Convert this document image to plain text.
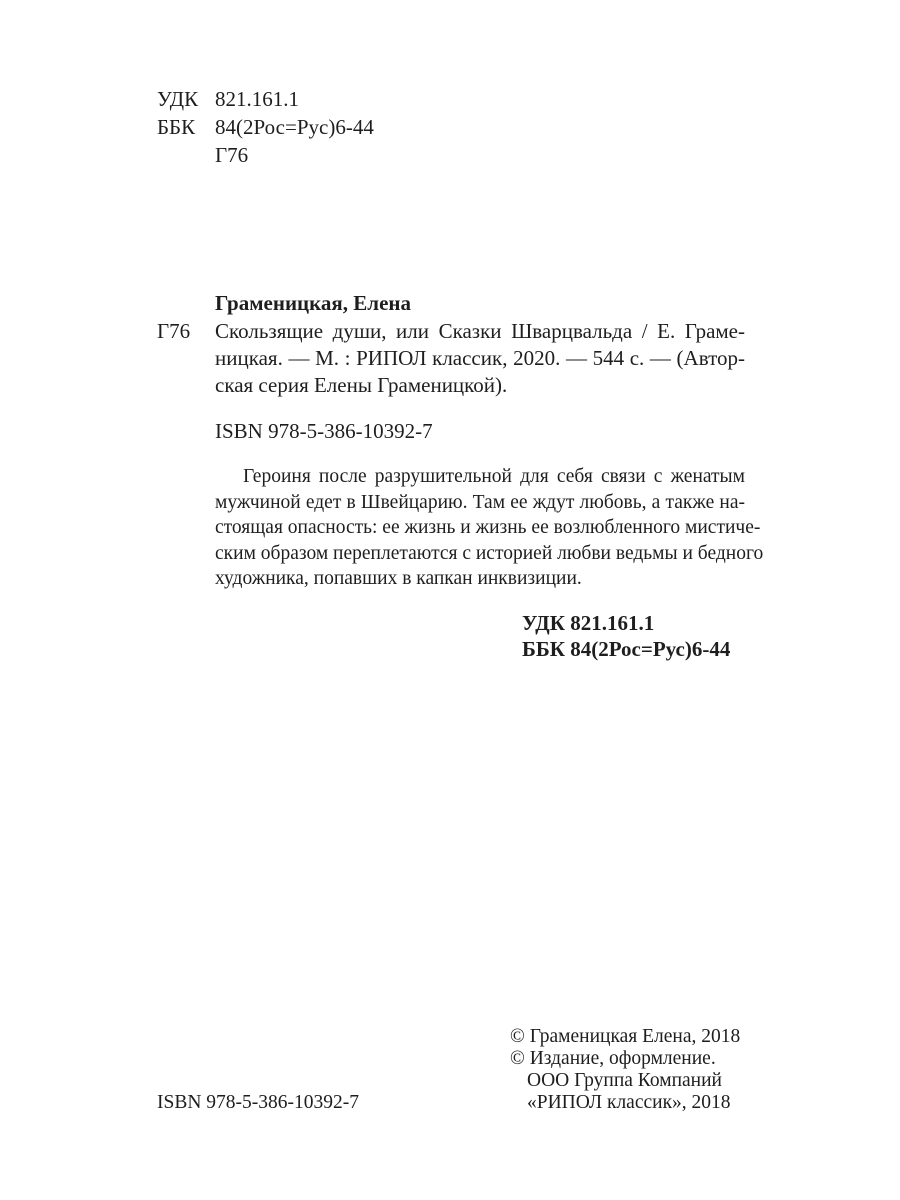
УДК 821.161.1
ББК 84(2Рос=Рус)6-44
Г76
Граменицкая, Елена
Г76 Скользящие души, или Сказки Шварцвальда / Е. Грамe-
ницкая. — М. : РИПОЛ классик, 2020. — 544 с. — (Автор-
ская серия Елены Граменицкой).
ISBN 978-5-386-10392-7
Героиня после разрушительной для себя связи с женатым
мужчиной едет в Швейцарию. Там ее ждут любовь, а также на-
стоящая опасность: ее жизнь и жизнь ее возлюбленного мистиче-
ским образом переплетаются с историей любви ведьмы и бедного
художника, попавших в капкан инквизиции.
УДК 821.161.1
ББК 84(2Рос=Рус)6-44
ISBN 978-5-386-10392-7
© Граменицкая Елена, 2018
© Издание, оформление.
ООО Группа Компаний
«РИПОЛ классик», 2018
